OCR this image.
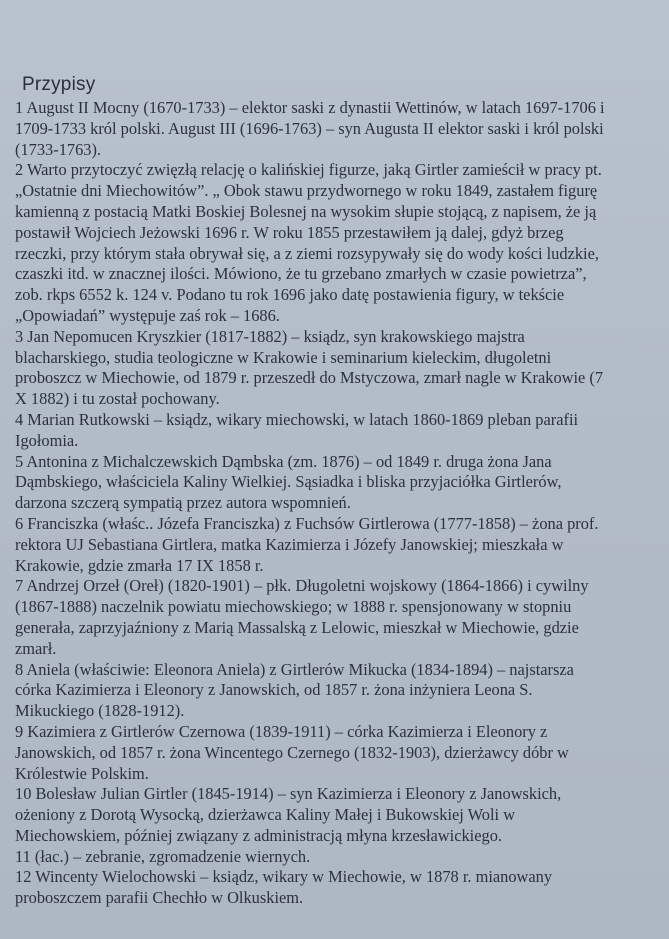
Przypisy
1 August II Mocny (1670-1733) – elektor saski z dynastii Wettinów, w latach 1697-1706 i
1709-1733 król polski. August III (1696-1763) – syn Augusta II elektor saski i król polski
(1733-1763).
2 Warto przytoczyć zwięzłą relację o kalińskiej figurze, jaką Girtler zamieścił w pracy pt.
„Ostatnie dni Miechowitów”. „ Obok stawu przydwornego w roku 1849, zastałem figurę
kamienną z postacią Matki Boskiej Bolesnej na wysokim słupie stojącą, z napisem, że ją
postawił Wojciech Jeżowski 1696 r. W roku 1855 przestawiłem ją dalej, gdyż brzeg
rzeczki, przy którym stała obrywał się, a z ziemi rozsypywały się do wody kości ludzkie,
czaszki itd. w znacznej ilości. Mówiono, że tu grzebano zmarłych w czasie powietrza”,
zob. rkps 6552 k. 124 v. Podano tu rok 1696 jako datę postawienia figury, w tekście
„Opowiadań” występuje zaś rok – 1686.
3 Jan Nepomucen Kryszkier (1817-1882) – ksiądz, syn krakowskiego majstra
blacharskiego, studia teologiczne w Krakowie i seminarium kieleckim, długoletni
proboszcz w Miechowie, od 1879 r. przeszedł do Mstyczowa, zmarł nagle w Krakowie (7
X 1882) i tu został pochowany.
4 Marian Rutkowski – ksiądz, wikary miechowski, w latach 1860-1869 pleban parafii
Igołomia.
5 Antonina z Michalczewskich Dąmbska (zm. 1876) – od 1849 r. druga żona Jana
Dąmbskiego, właściciela Kaliny Wielkiej. Sąsiadka i bliska przyjaciółka Girtlerów,
darzona szczerą sympatią przez autora wspomnień.
6 Franciszka (właśc.. Józefa Franciszka) z Fuchsów Girtlerowa (1777-1858) – żona prof.
rektora UJ Sebastiana Girtlera, matka Kazimierza i Józefy Janowskiej; mieszkała w
Krakowie, gdzie zmarła 17 IX 1858 r.
7 Andrzej Orzeł (Oreł) (1820-1901) – płk. Długoletni wojskowy (1864-1866) i cywilny
(1867-1888) naczelnik powiatu miechowskiego; w 1888 r. spensjonowany w stopniu
generała, zaprzyjaźniony z Marią Massalską z Lelowic, mieszkał w Miechowie, gdzie
zmarł.
8 Aniela (właściwie: Eleonora Aniela) z Girtlerów Mikucka (1834-1894) – najstarsza
córka Kazimierza i Eleonory z Janowskich, od 1857 r. żona inżyniera Leona S.
Mikuckiego (1828-1912).
9 Kazimiera z Girtlerów Czernowa (1839-1911) – córka Kazimierza i Eleonory z
Janowskich, od 1857 r. żona Wincentego Czernego (1832-1903), dzierżawcy dóbr w
Królestwie Polskim.
10 Bolesław Julian Girtler (1845-1914) – syn Kazimierza i Eleonory z Janowskich,
ożeniony z Dorotą Wysocką, dzierżawca Kaliny Małej i Bukowskiej Woli w
Miechowskiem, później związany z administracją młyna krzesławickiego.
11 (łac.) – zebranie, zgromadzenie wiernych.
12 Wincenty Wielochowski – ksiądz, wikary w Miechowie, w 1878 r. mianowany
proboszczem parafii Chechło w Olkuskiem.
